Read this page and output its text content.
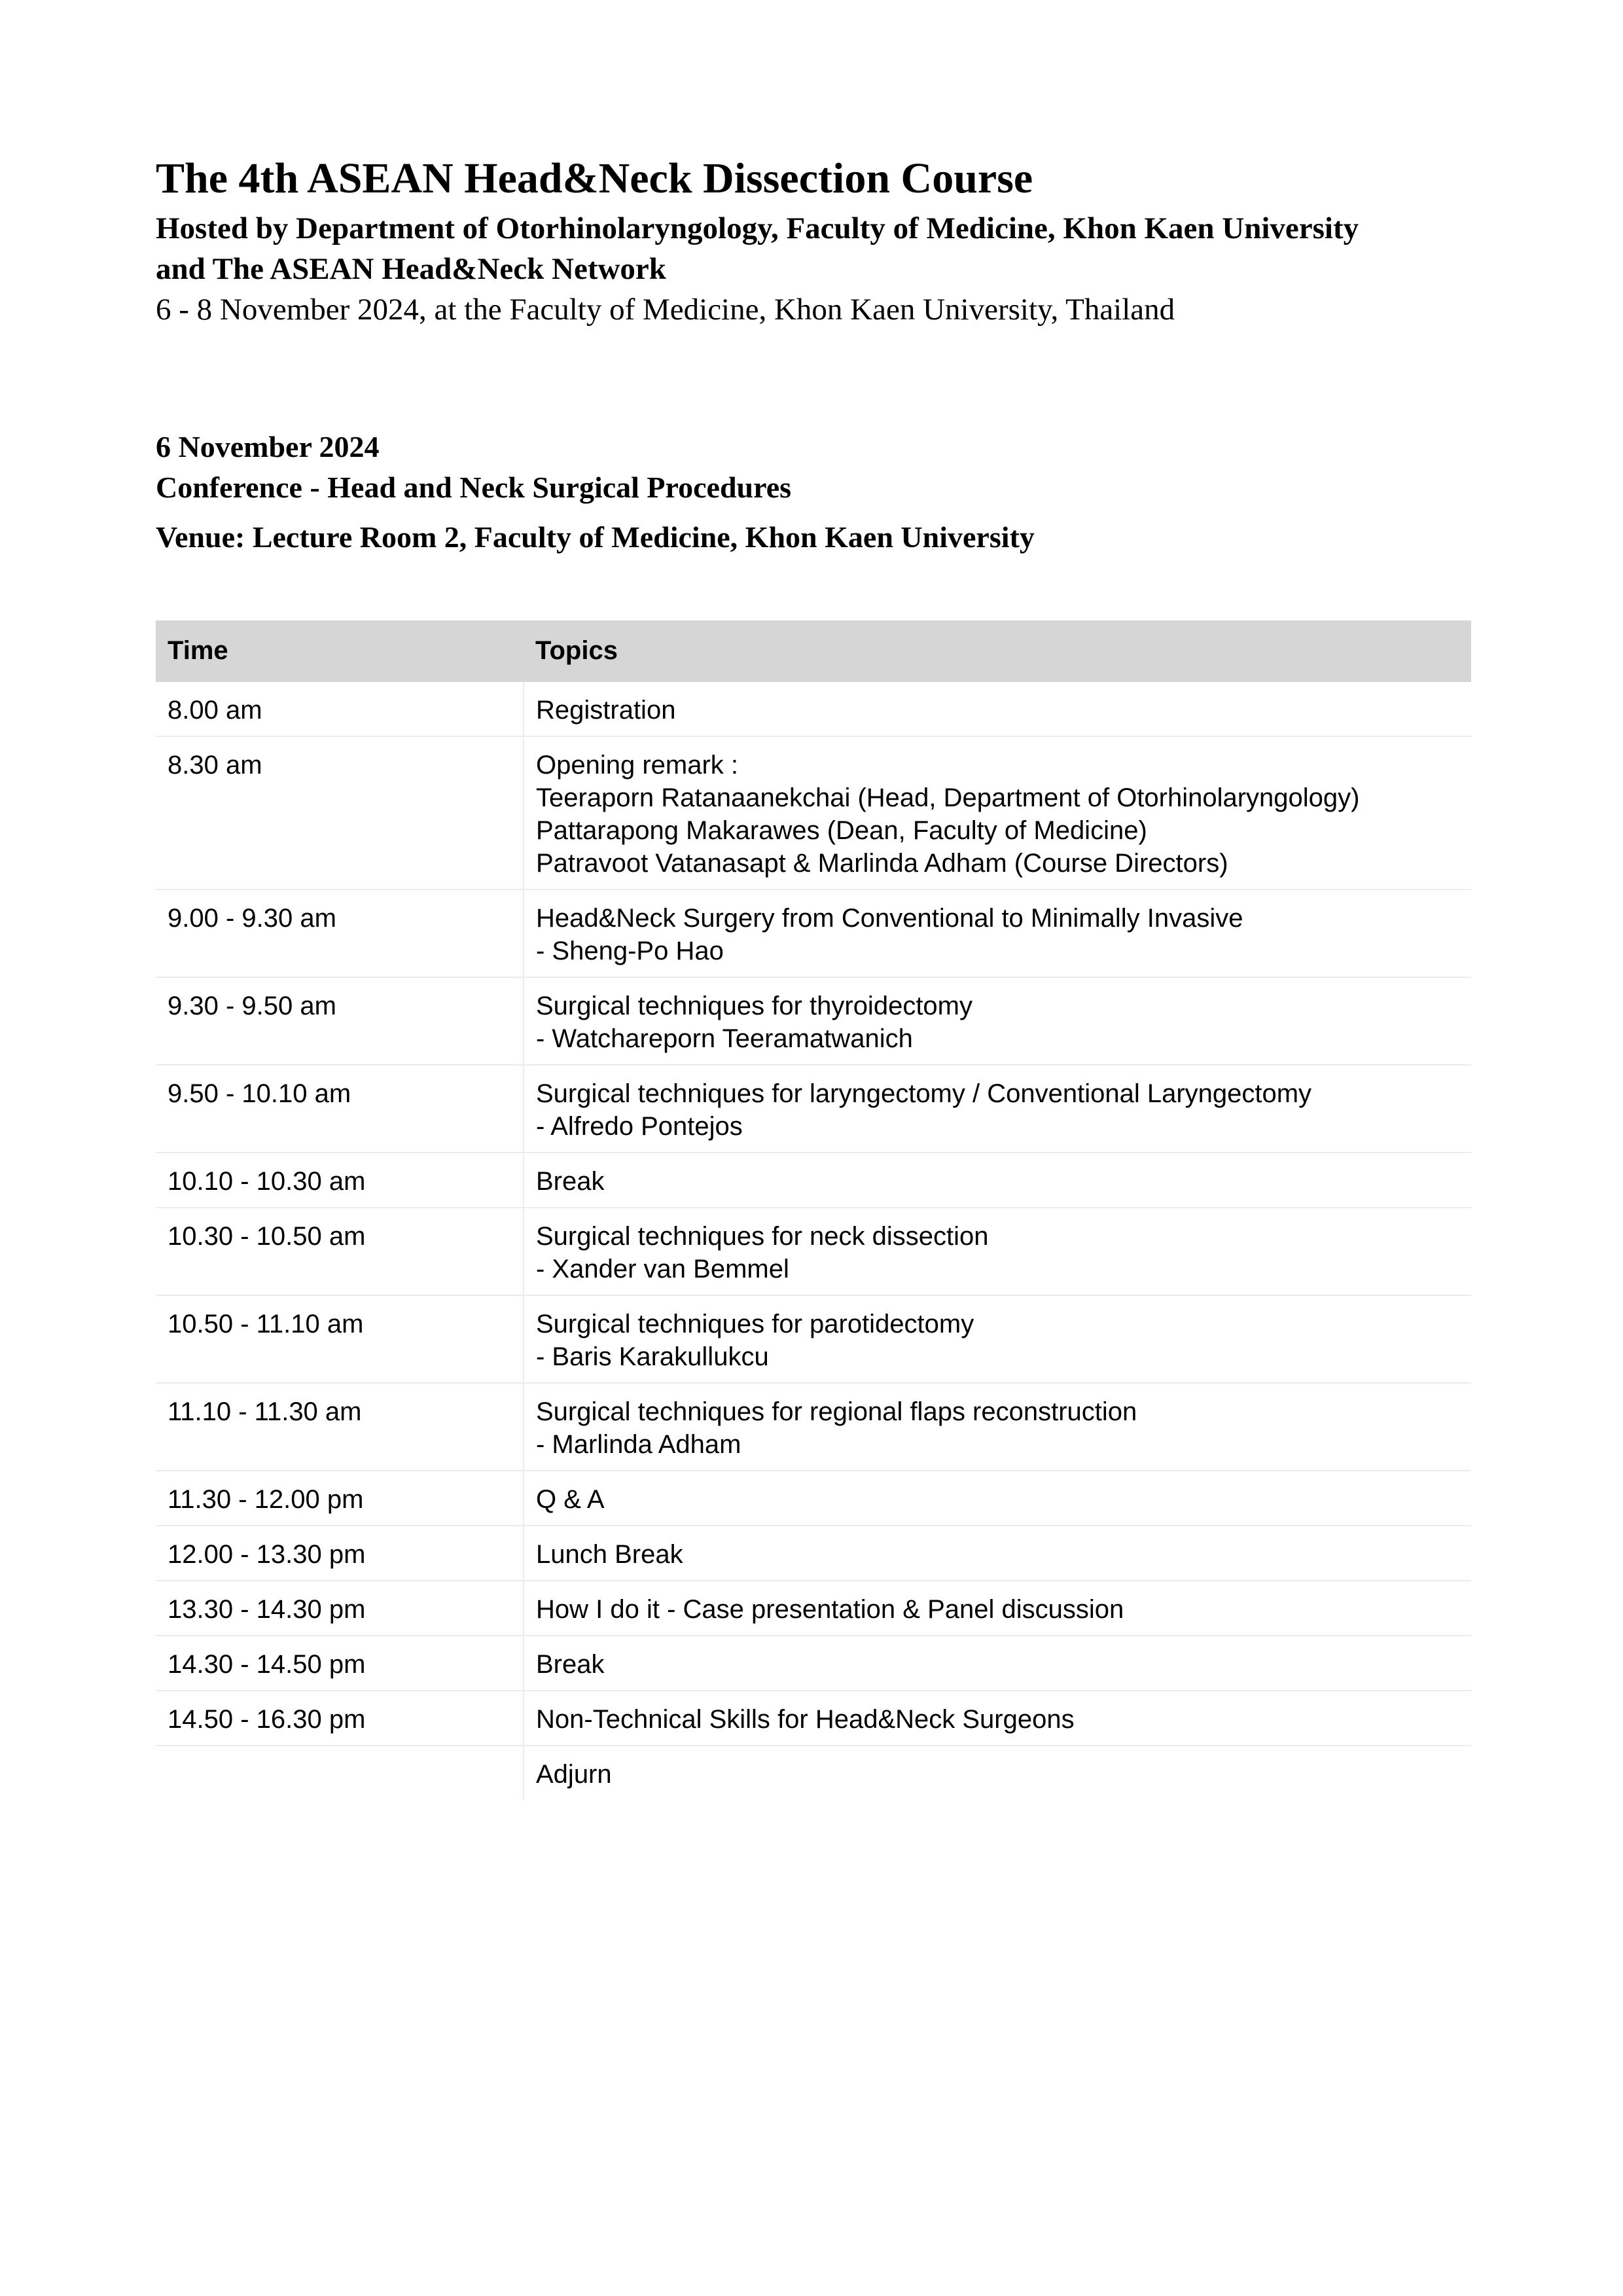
The 4th ASEAN Head&Neck Dissection Course

Hosted by Department of Otorhinolaryngology, Faculty of Medicine, Khon Kaen University

and The ASEAN Head&Neck Network

6 - 8 November 2024, at the Faculty of Medicine, Khon Kaen University, Thailand

6 November 2024

Conference - Head and Neck Surgical Procedures

Venue: Lecture Room 2, Faculty of Medicine, Khon Kaen University

Time	Topics
8.00 am	Registration

8.30 am	Opening remark :
Teeraporn Ratanaanekchai (Head, Department of Otorhinolaryngology)
Pattarapong Makarawes (Dean, Faculty of Medicine)
Patravoot Vatanasapt & Marlinda Adham (Course Directors)

9.00 - 9.30 am	Head&Neck Surgery from Conventional to Minimally Invasive
- Sheng-Po Hao

9.30 - 9.50 am	Surgical techniques for thyroidectomy
- Watchareporn Teeramatwanich

9.50 - 10.10 am	Surgical techniques for laryngectomy / Conventional Laryngectomy
- Alfredo Pontejos

10.10 - 10.30 am	Break

10.30 - 10.50 am	Surgical techniques for neck dissection
- Xander van Bemmel

10.50 - 11.10 am	Surgical techniques for parotidectomy
- Baris Karakullukcu

11.10 - 11.30 am	Surgical techniques for regional flaps reconstruction
- Marlinda Adham

11.30 - 12.00 pm	Q & A

12.00 - 13.30 pm	Lunch Break

13.30 - 14.30 pm	How I do it - Case presentation & Panel discussion

14.30 - 14.50 pm	Break

14.50 - 16.30 pm	Non-Technical Skills for Head&Neck Surgeons

	Adjurn
